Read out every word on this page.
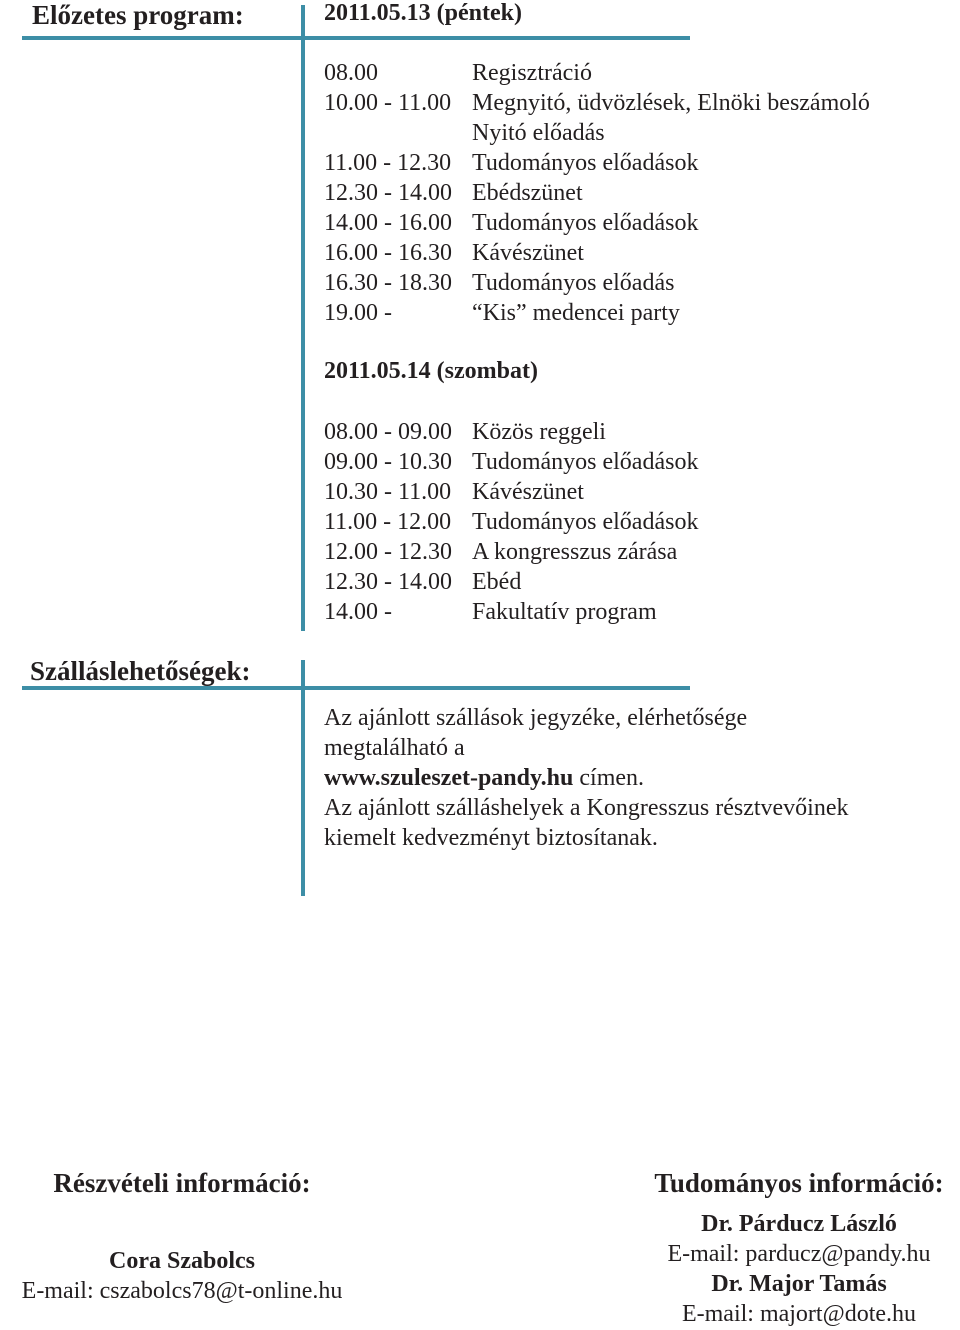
Előzetes program:	2011.05.13 (péntek)
08.00	Regisztráció
10.00 - 11.00 Megnyitó, üdvözlések, Elnöki beszámoló
Nyitó előadás
11.00 - 12.30 Tudományos előadások
12.30 - 14.00 Ebédszünet
14.00 - 16.00 Tudományos előadások
16.00 - 16.30 Kávészünet
16.30 - 18.30 Tudományos előadás
19.00 -	“Kis” medencei party
2011.05.14 (szombat)
08.00 - 09.00 Közös reggeli
09.00 - 10.30 Tudományos előadások
10.30 - 11.00 Kávészünet
11.00 - 12.00 Tudományos előadások
12.00 - 12.30 A kongresszus zárása
12.30 - 14.00 Ebéd
14.00 -	Fakultatív program
Szálláslehetőségek:
Az ajánlott szállások jegyzéke, elérhetősége
megtalálható a
www.szuleszet-pandy.hu címen.
Az ajánlott szálláshelyek a Kongresszus résztvevőinek
kiemelt kedvezményt biztosítanak.
Részvételi információ:
Cora Szabolcs
E-mail: cszabolcs78@t-online.hu
Tudományos információ:
Dr. Párducz László
E-mail: parducz@pandy.hu
Dr. Major Tamás
E-mail: majort@dote.hu
